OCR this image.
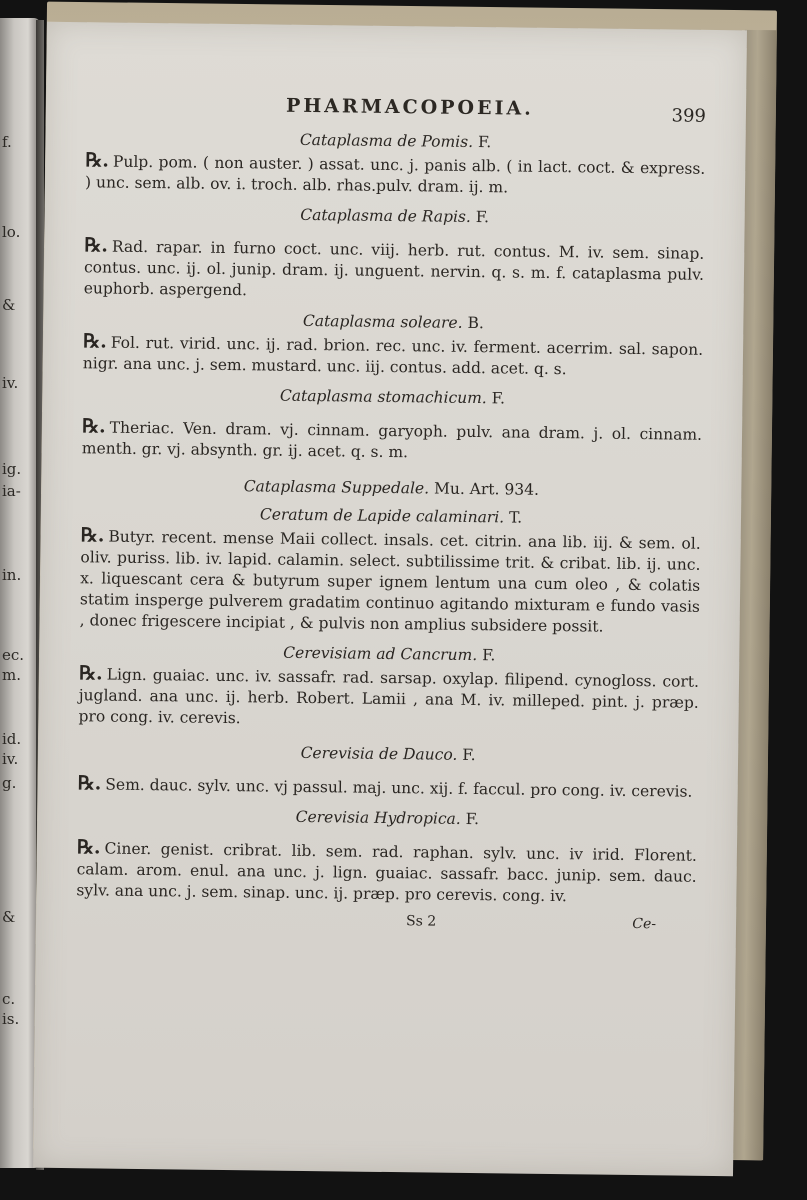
f.
lo.
&
iv.
ig.
ia-
in.
ec.
m.
id.
iv.
g.
&
c.
is.
PHARMACOPOEIA.	399
Cataplasma de Pomis. F.

℞. Pulp. pom. ( non auster. ) assat. unc. j. panis alb. ( in lact. coct. & express. ) unc. sem. alb. ov. i. troch. alb. rhas.pulv. dram. ij. m.

Cataplasma de Rapis. F.

℞. Rad. rapar. in furno coct. unc. viij. herb. rut. contus. M. iv. sem. sinap. contus. unc. ij. ol. junip. dram. ij. unguent. nervin. q. s. m. f. cataplasma pulv. euphorb. aspergend.

Cataplasma soleare. B.

℞. Fol. rut. virid. unc. ij. rad. brion. rec. unc. iv. ferment. acerrim. sal. sapon. nigr. ana unc. j. sem. mustard. unc. iij. contus. add. acet. q. s.

Cataplasma stomachicum. F.

℞. Theriac. Ven. dram. vj. cinnam. garyoph. pulv. ana dram. j. ol. cinnam. menth. gr. vj. absynth. gr. ij. acet. q. s. m.

Cataplasma Suppedale. Mu. Art. 934.
Ceratum de Lapide calaminari. T.

℞. Butyr. recent. mense Maii collect. insals. cet. citrin. ana lib. iij. & sem. ol. oliv. puriss. lib. iv. lapid. calamin. select. subtilissime trit. & cribat. lib. ij. unc. x. liquescant cera & butyrum super ignem lentum una cum oleo , & colatis statim insperge pulverem gradatim continuo agitando mixturam e fundo vasis , donec frigescere incipiat , & pulvis non amplius subsidere possit.

Cerevisiam ad Cancrum. F.

℞. Lign. guaiac. unc. iv. sassafr. rad. sarsap. oxylap. filipend. cynogloss. cort. jugland. ana unc. ij. herb. Robert. Lamii , ana M. iv. milleped. pint. j. præp. pro cong. iv. cerevis.

Cerevisia de Dauco. F.

℞. Sem. dauc. sylv. unc. vj passul. maj. unc. xij. f. faccul. pro cong. iv. cerevis.

Cerevisia Hydropica. F.

℞. Ciner. genist. cribrat. lib. sem. rad. raphan. sylv. unc. iv irid. Florent. calam. arom. enul. ana unc. j. lign. guaiac. sassafr. bacc. junip. sem. dauc. sylv. ana unc. j. sem. sinap. unc. ij. præp. pro cerevis. cong. iv.

Ss 2	Ce-
